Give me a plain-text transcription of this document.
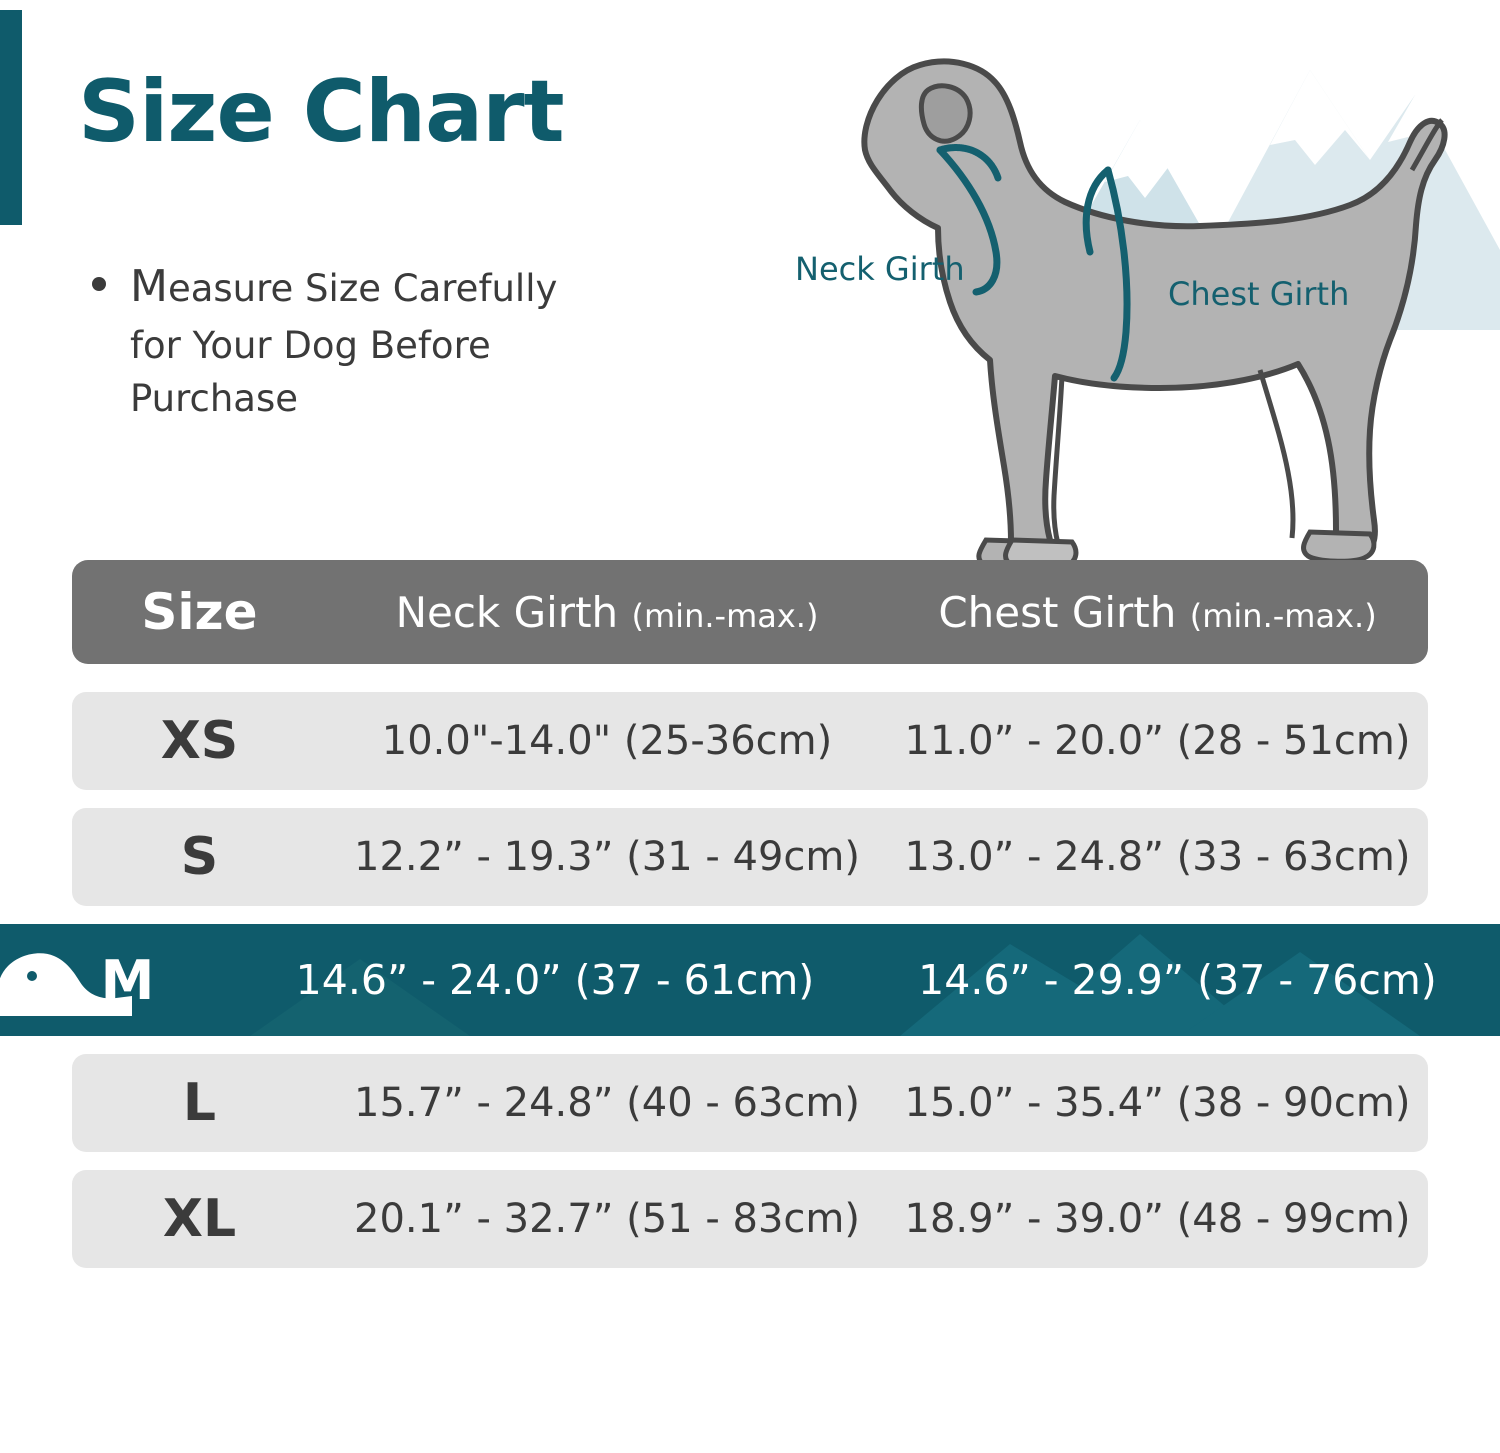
Size Chart
Measure Size Carefully
for Your Dog Before
Purchase
Neck Girth
Chest Girth
Size	Neck Girth (min.-max.)	Chest Girth (min.-max.)
XS	10.0"-14.0" (25-36cm)	11.0” - 20.0” (28 - 51cm)
S	12.2” - 19.3” (31 - 49cm)	13.0” - 24.8” (33 - 63cm)
M	14.6” - 24.0” (37 - 61cm)	14.6” - 29.9” (37 - 76cm)
L	15.7” - 24.8” (40 - 63cm)	15.0” - 35.4” (38 - 90cm)
XL	20.1” - 32.7” (51 - 83cm)	18.9” - 39.0” (48 - 99cm)
